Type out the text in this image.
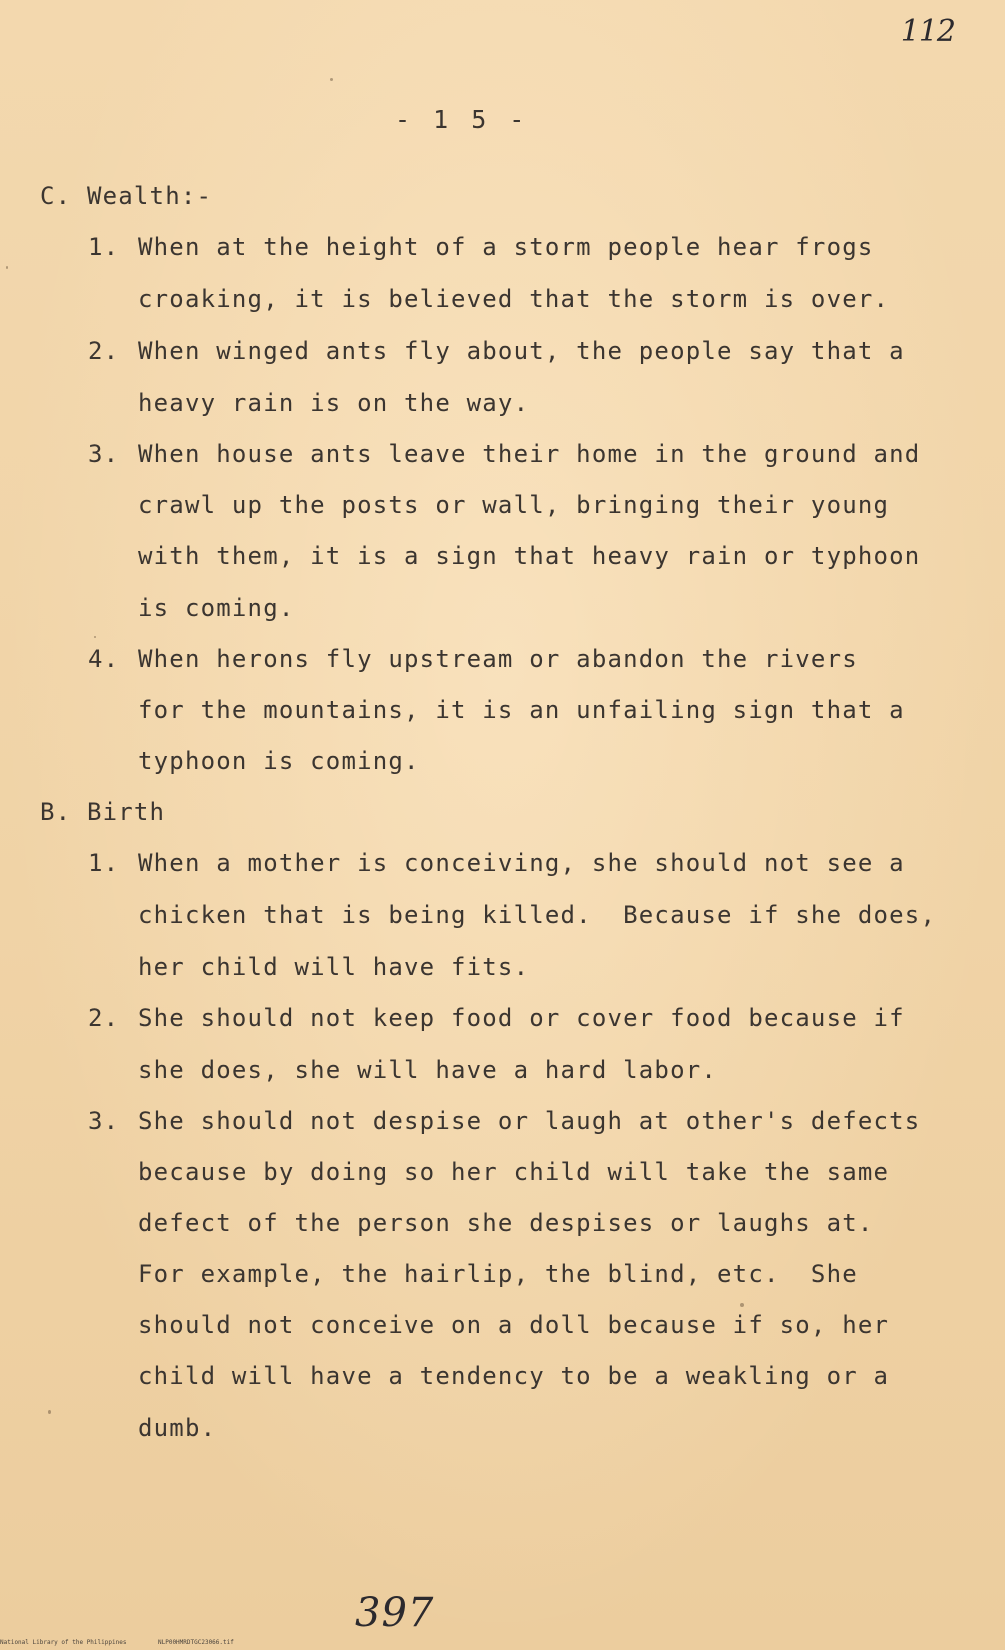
112
- 1 5 -
C. Wealth:-
1. When at the height of a storm people hear frogs
croaking, it is believed that the storm is over.
2. When winged ants fly about, the people say that a
heavy rain is on the way.
3. When house ants leave their home in the ground and
crawl up the posts or wall, bringing their young
with them, it is a sign that heavy rain or typhoon
is coming.
4. When herons fly upstream or abandon the rivers
for the mountains, it is an unfailing sign that a
typhoon is coming.
B. Birth
1. When a mother is conceiving, she should not see a
chicken that is being killed.  Because if she does,
her child will have fits.
2. She should not keep food or cover food because if
she does, she will have a hard labor.
3. She should not despise or laugh at other's defects
because by doing so her child will take the same
defect of the person she despises or laughs at.
For example, the hairlip, the blind, etc.  She
should not conceive on a doll because if so, her
child will have a tendency to be a weakling or a
dumb.
397
National Library of the Philippines	NLP00HMRDTGC23066.tif
